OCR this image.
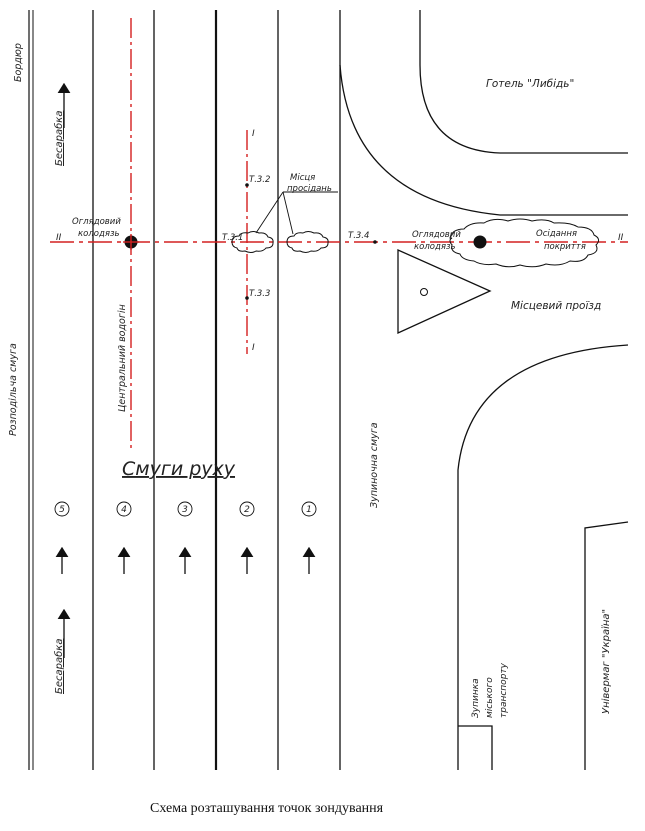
5	4	3	2	1
Бордюр
Бесарабка
Бесарабка
Розподільча смуга	Центральний водогін
Зупиночна смуга
Зупинка міського транспорту	Універмаг "Україна"
Готель "Либідь"
Оглядовий
колодязь
II	II
I
I
Т.3.2
Т.3.1
Т.3.3
Т.3.4
Місця
просідань
Оглядовий
колодязь
Осідання
покриття
Місцевий проїзд
Смуги руху
Схема розташування точок зондування
